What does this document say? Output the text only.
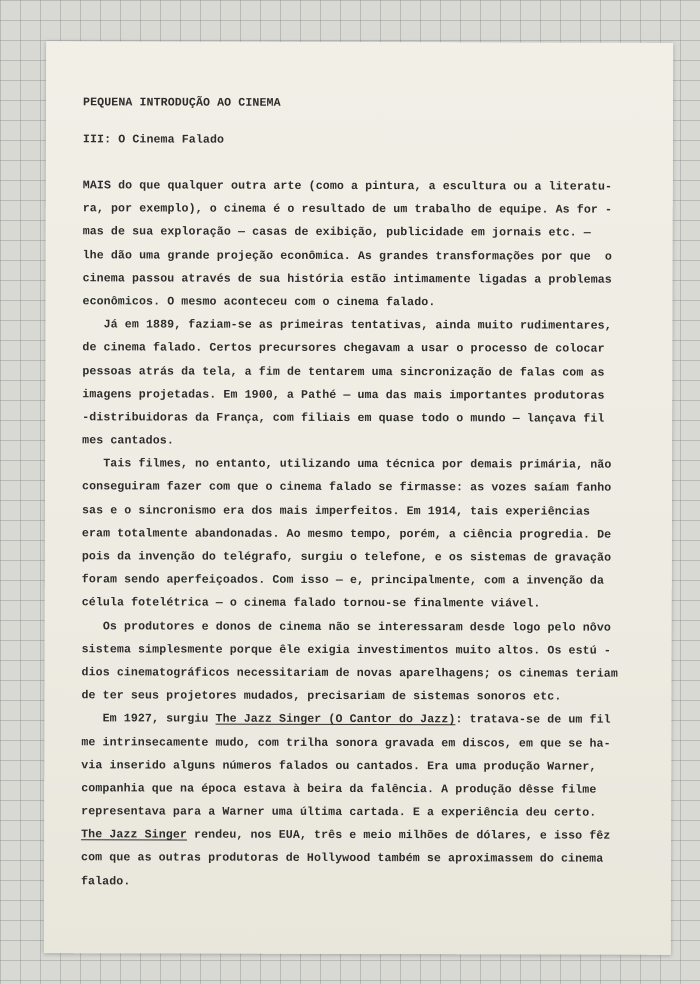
PEQUENA INTRODUÇÃO AO CINEMA
III: O Cinema Falado
MAIS do que qualquer outra arte (como a pintura, a escultura ou a literatu-
ra, por exemplo), o cinema é o resultado de um trabalho de equipe. As for -
mas de sua exploração — casas de exibição, publicidade em jornais etc. —
lhe dão uma grande projeção econômica. As grandes transformações por que  o
cinema passou através de sua história estão intimamente ligadas a problemas
econômicos. O mesmo aconteceu com o cinema falado.
Já em 1889, faziam-se as primeiras tentativas, ainda muito rudimentares,
de cinema falado. Certos precursores chegavam a usar o processo de colocar
pessoas atrás da tela, a fim de tentarem uma sincronização de falas com as
imagens projetadas. Em 1900, a Pathé — uma das mais importantes produtoras
-distribuidoras da França, com filiais em quase todo o mundo — lançava fil
mes cantados.
Tais filmes, no entanto, utilizando uma técnica por demais primária, não
conseguiram fazer com que o cinema falado se firmasse: as vozes saíam fanho
sas e o sincronismo era dos mais imperfeitos. Em 1914, tais experiências
eram totalmente abandonadas. Ao mesmo tempo, porém, a ciência progredia. De
pois da invenção do telégrafo, surgiu o telefone, e os sistemas de gravação
foram sendo aperfeiçoados. Com isso — e, principalmente, com a invenção da
célula fotelétrica — o cinema falado tornou-se finalmente viável.
Os produtores e donos de cinema não se interessaram desde logo pelo nôvo
sistema simplesmente porque êle exigia investimentos muito altos. Os estú -
dios cinematográficos necessitariam de novas aparelhagens; os cinemas teriam
de ter seus projetores mudados, precisariam de sistemas sonoros etc.
Em 1927, surgiu The Jazz Singer (O Cantor do Jazz): tratava-se de um fil
me intrinsecamente mudo, com trilha sonora gravada em discos, em que se ha-
via inserido alguns números falados ou cantados. Era uma produção Warner,
companhia que na época estava à beira da falência. A produção dêsse filme
representava para a Warner uma última cartada. E a experiência deu certo.
The Jazz Singer rendeu, nos EUA, três e meio milhões de dólares, e isso fêz
com que as outras produtoras de Hollywood também se aproximassem do cinema
falado.
